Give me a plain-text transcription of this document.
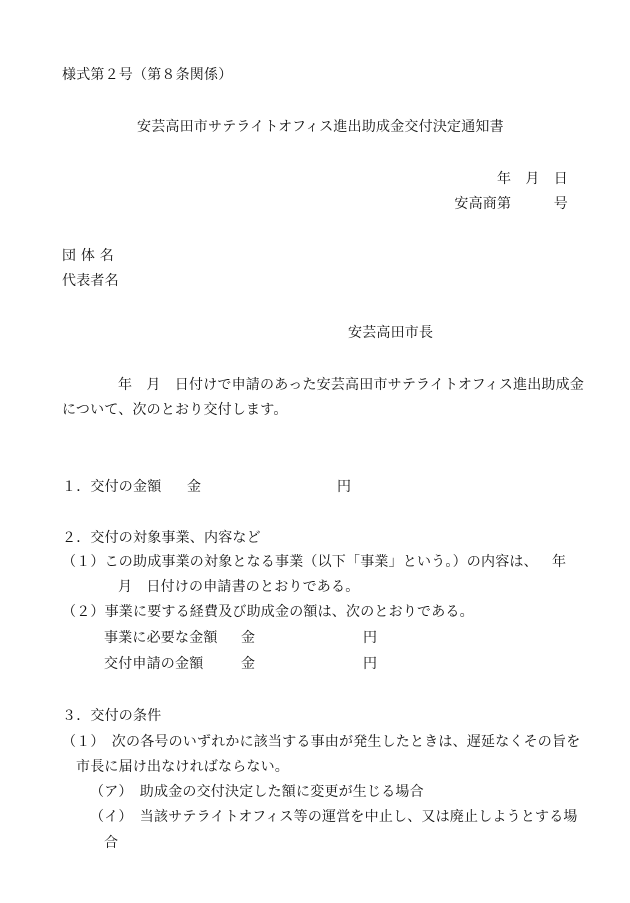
様式第２号（第８条関係）
安芸高田市サテライトオフィス進出助成金交付決定通知書
年　月　日
安高商第　　　号
団 体 名
代表者名
安芸高田市長
年　月　日付けで申請のあった安芸高田市サテライトオフィス進出助成金
について、次のとおり交付します。
１．交付の金額 金	円
２．交付の対象事業、内容など
（１）この助成事業の対象となる事業（以下「事業」という。）の内容は、 年
月　日付けの申請書のとおりである。
（２）事業に要する経費及び助成金の額は、次のとおりである。
事業に必要な金額 金	円
交付申請の金額	金	円
３．交付の条件
（１）　次の各号のいずれかに該当する事由が発生したときは、遅延なくその旨を
市長に届け出なければならない。
（ア）　助成金の交付決定した額に変更が生じる場合
（イ）　当該サテライトオフィス等の運営を中止し、又は廃止しようとする場
合
